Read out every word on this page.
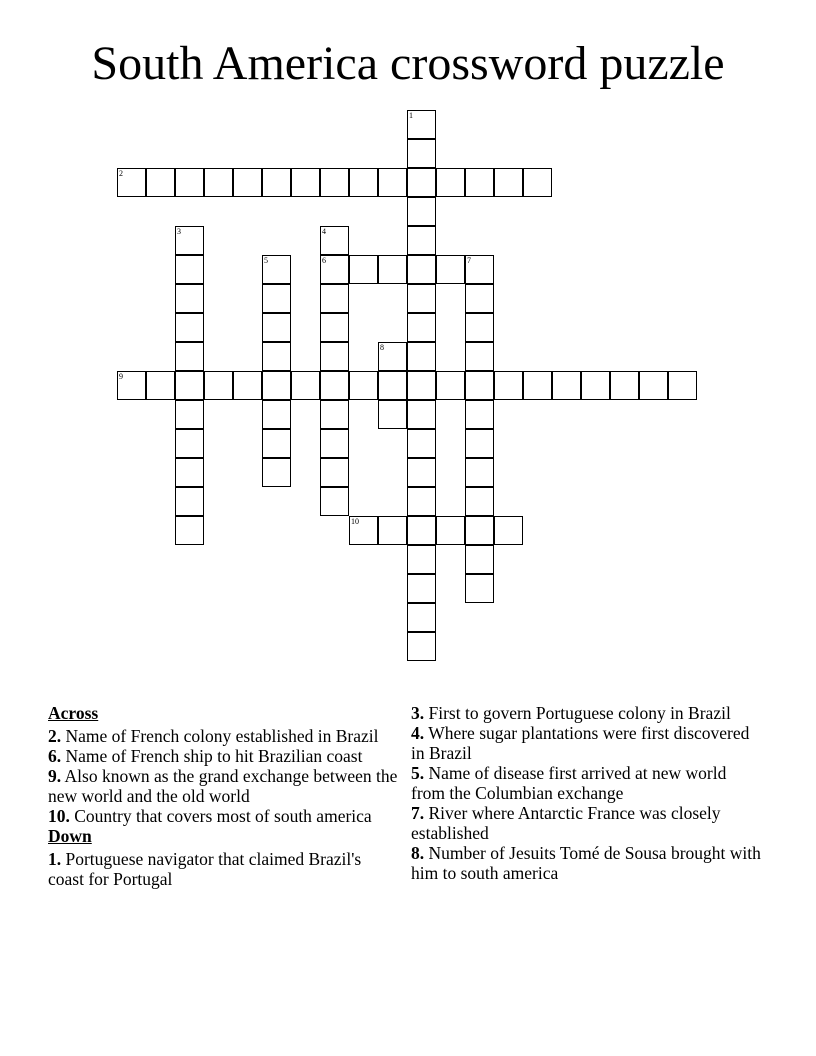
South America crossword puzzle
1
2
3	4
6
5	7
8
9
10
Across
2. Name of French colony established in Brazil
6. Name of French ship to hit Brazilian coast
9. Also known as the grand exchange between the new world and the old world
10. Country that covers most of south america
Down
1. Portuguese navigator that claimed Brazil's coast for Portugal
3. First to govern Portuguese colony in Brazil
4. Where sugar plantations were first discovered in Brazil
5. Name of disease first arrived at new world from the Columbian exchange
7. River where Antarctic France was closely established
8. Number of Jesuits Tomé de Sousa brought with him to south america
